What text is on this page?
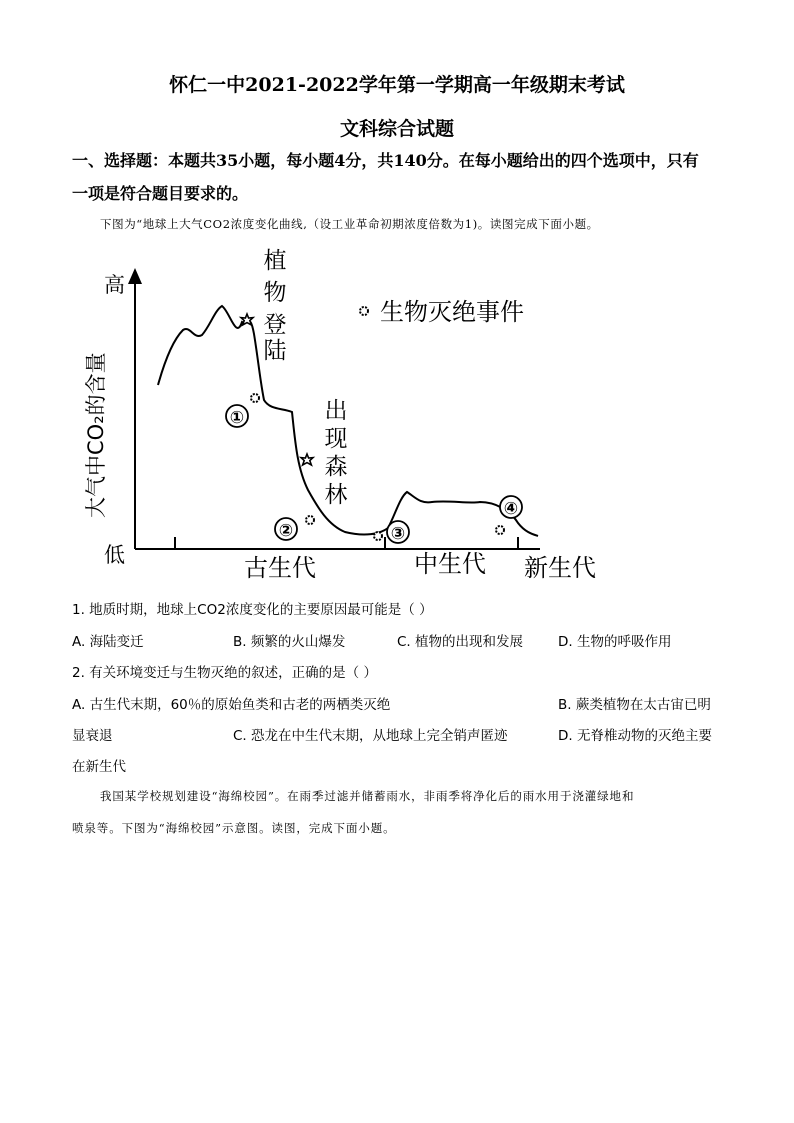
怀仁一中2021-2022学年第一学期高一年级期末考试
文科综合试题
一、选择题：本题共35小题，每小题4分，共140分。在每小题给出的四个选项中，只有
一项是符合题目要求的。
下图为“地球上大气CO2浓度变化曲线,（设工业革命初期浓度倍数为1)。读图完成下面小题。
高
低
大气中CO₂的含量
生物灭绝事件
①
②	③
④
植
物
登
陆
出
现
森
林
古生代	中生代 新生代
1. 地质时期，地球上CO2浓度变化的主要原因最可能是（ ）
A. 海陆变迁	B. 频繁的火山爆发	C. 植物的出现和发展	D. 生物的呼吸作用
2. 有关环境变迁与生物灭绝的叙述，正确的是（ ）
A. 古生代末期，60％的原始鱼类和古老的两栖类灭绝	B. 蕨类植物在太古宙已明
显衰退	C. 恐龙在中生代末期，从地球上完全销声匿迹	D. 无脊椎动物的灭绝主要
在新生代
我国某学校规划建设“海绵校园”。在雨季过滤并储蓄雨水，非雨季将净化后的雨水用于浇灌绿地和
喷泉等。下图为“海绵校园”示意图。读图，完成下面小题。
